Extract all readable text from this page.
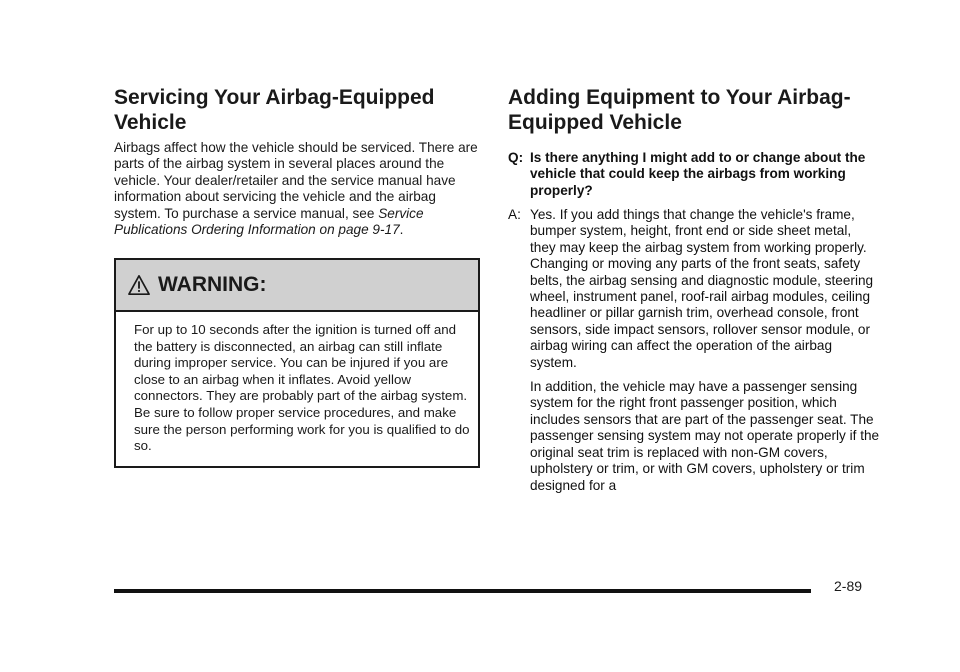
Servicing Your Airbag-Equipped Vehicle

Airbags affect how the vehicle should be serviced. There are parts of the airbag system in several places around the vehicle. Your dealer/retailer and the service manual have information about servicing the vehicle and the airbag system. To purchase a service manual, see Service Publications Ordering Information on page 9-17.

WARNING:

For up to 10 seconds after the ignition is turned off and the battery is disconnected, an airbag can still inflate during improper service. You can be injured if you are close to an airbag when it inflates. Avoid yellow connectors. They are probably part of the airbag system. Be sure to follow proper service procedures, and make sure the person performing work for you is qualified to do so.

Adding Equipment to Your Airbag-Equipped Vehicle
Q: Is there anything I might add to or change about the vehicle that could keep the airbags from working properly?
A: Yes. If you add things that change the vehicle's frame, bumper system, height, front end or side sheet metal, they may keep the airbag system from working properly. Changing or moving any parts of the front seats, safety belts, the airbag sensing and diagnostic module, steering wheel, instrument panel, roof-rail airbag modules, ceiling headliner or pillar garnish trim, overhead console, front sensors, side impact sensors, rollover sensor module, or airbag wiring can affect the operation of the airbag system.
In addition, the vehicle may have a passenger sensing system for the right front passenger position, which includes sensors that are part of the passenger seat. The passenger sensing system may not operate properly if the original seat trim is replaced with non-GM covers, upholstery or trim, or with GM covers, upholstery or trim designed for a
2-89
